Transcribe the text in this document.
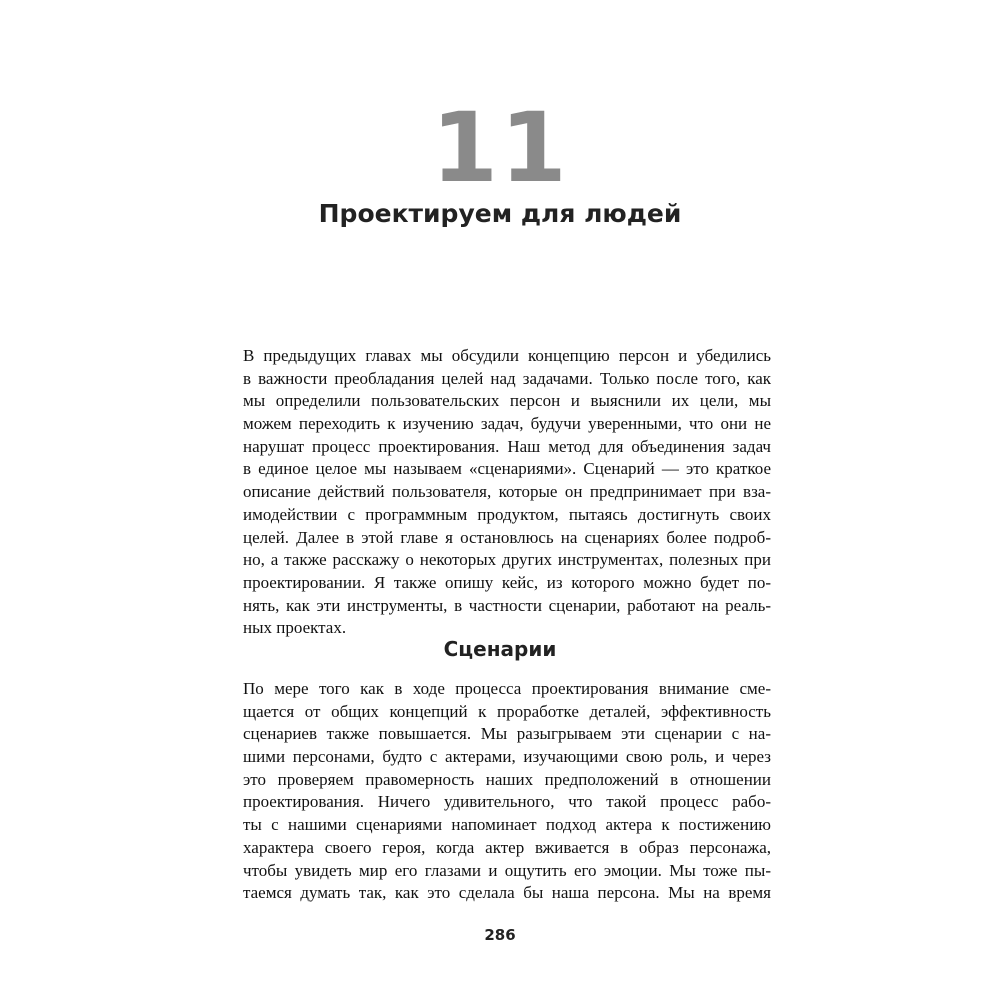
11
Проектируем для людей
В предыдущих главах мы обсудили концепцию персон и убедились
в важности преобладания целей над задачами. Только после того, как
мы определили пользовательских персон и выяснили их цели, мы
можем переходить к изучению задач, будучи уверенными, что они не
нарушат процесс проектирования. Наш метод для объединения задач
в единое целое мы называем «сценариями». Сценарий — это краткое
описание действий пользователя, которые он предпринимает при вза-
имодействии с программным продуктом, пытаясь достигнуть своих
целей. Далее в этой главе я остановлюсь на сценариях более подроб-
но, а также расскажу о некоторых других инструментах, полезных при
проектировании. Я также опишу кейс, из которого можно будет по-
нять, как эти инструменты, в частности сценарии, работают на реаль-
ных проектах.
Сценарии
По мере того как в ходе процесса проектирования внимание сме-
щается от общих концепций к проработке деталей, эффективность
сценариев также повышается. Мы разыгрываем эти сценарии с на-
шими персонами, будто с актерами, изучающими свою роль, и через
это проверяем правомерность наших предположений в отношении
проектирования. Ничего удивительного, что такой процесс рабо-
ты с нашими сценариями напоминает подход актера к постижению
характера своего героя, когда актер вживается в образ персонажа,
чтобы увидеть мир его глазами и ощутить его эмоции. Мы тоже пы-
таемся думать так, как это сделала бы наша персона. Мы на время
286
